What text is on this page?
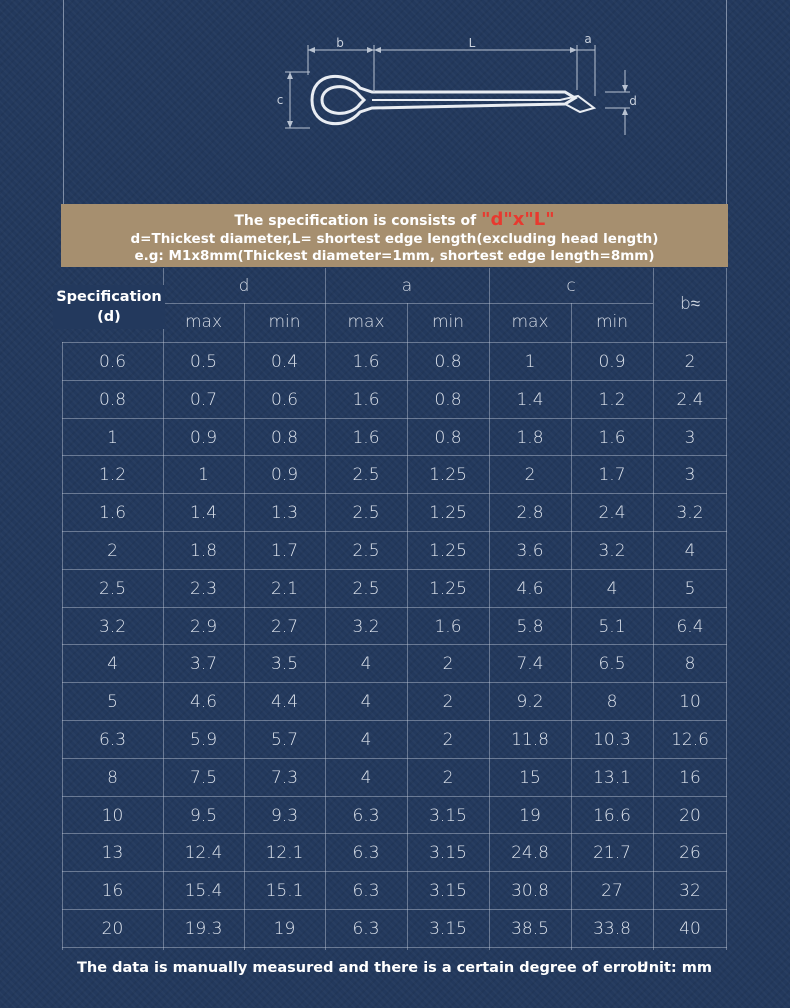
b	L	a
c	d
The specification is consists of "d"x"L"
d=Thickest diameter,L= shortest edge length(excluding head length)
e.g: M1x8mm(Thickest diameter=1mm, shortest edge length=8mm)
d	a	c
max	min	max	min	max	min
b≈
0.6	0.5	0.4	1.6	0.8	1	0.9	2
0.8	0.7	0.6	1.6	0.8	1.4	1.2	2.4
1	0.9	0.8	1.6	0.8	1.8	1.6	3
1.2	1	0.9	2.5	1.25	2	1.7	3
1.6	1.4	1.3	2.5	1.25	2.8	2.4	3.2
2	1.8	1.7	2.5	1.25	3.6	3.2	4
2.5	2.3	2.1	2.5	1.25	4.6	4	5
3.2	2.9	2.7	3.2	1.6	5.8	5.1	6.4
4	3.7	3.5	4	2	7.4	6.5	8
5	4.6	4.4	4	2	9.2	8	10
6.3	5.9	5.7	4	2	11.8	10.3	12.6
8	7.5	7.3	4	2	15	13.1	16
10	9.5	9.3	6.3	3.15	19	16.6	20
13	12.4	12.1	6.3	3.15	24.8	21.7	26
16	15.4	15.1	6.3	3.15	30.8	27	32
20	19.3	19	6.3	3.15	38.5	33.8	40
Specification
(d)
The data is manually measured and there is a certain degree of error.
Unit: mm
